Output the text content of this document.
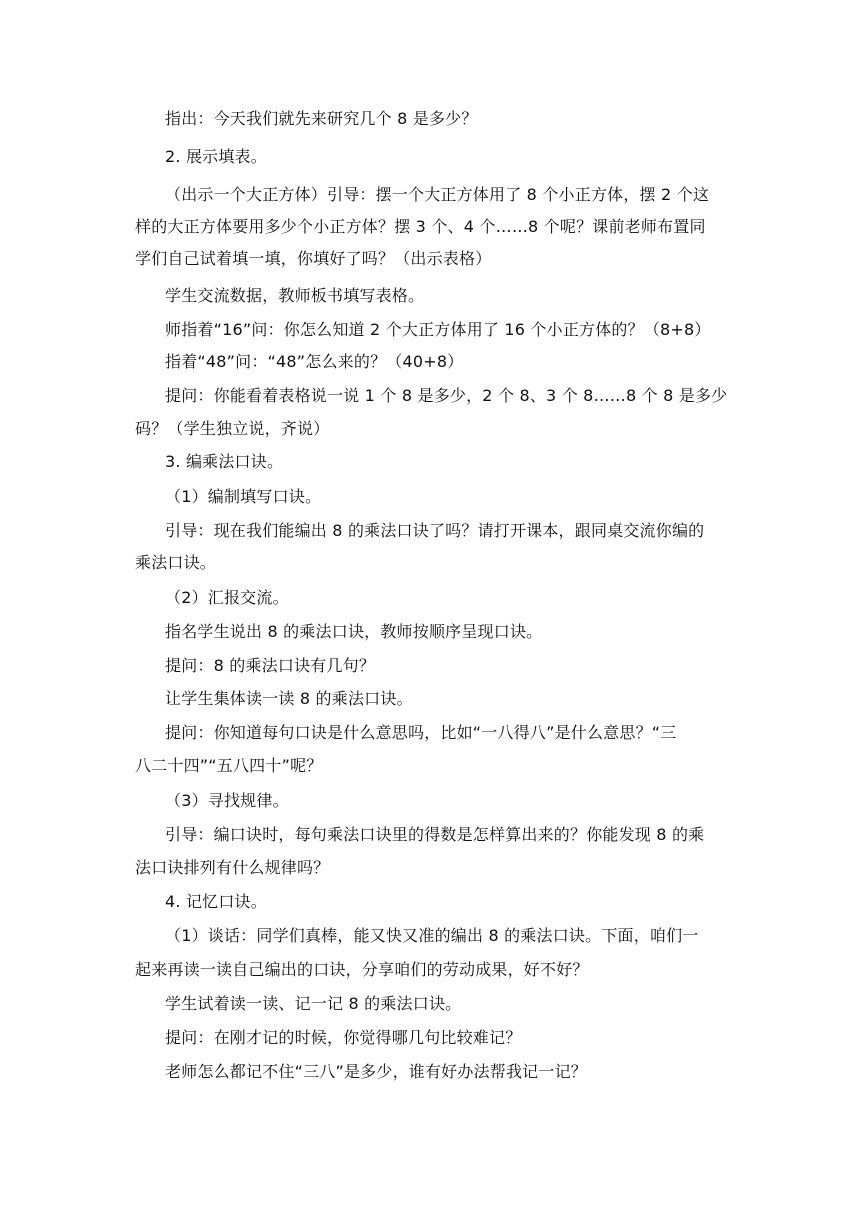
指出：今天我们就先来研究几个 8 是多少？
2. 展示填表。
（出示一个大正方体）引导：摆一个大正方体用了 8 个小正方体，摆 2 个这
样的大正方体要用多少个小正方体？摆 3 个、4 个……8 个呢？课前老师布置同
学们自己试着填一填，你填好了吗？（出示表格）
学生交流数据，教师板书填写表格。
师指着“16”问：你怎么知道 2 个大正方体用了 16 个小正方体的？（8+8）
指着“48”问：“48”怎么来的？（40+8）
提问：你能看着表格说一说 1 个 8 是多少，2 个 8、3 个 8……8 个 8 是多少
码？（学生独立说，齐说）
3. 编乘法口诀。
（1）编制填写口诀。
引导：现在我们能编出 8 的乘法口诀了吗？请打开课本，跟同桌交流你编的
乘法口诀。
（2）汇报交流。
指名学生说出 8 的乘法口诀，教师按顺序呈现口诀。
提问：8 的乘法口诀有几句？
让学生集体读一读 8 的乘法口诀。
提问：你知道每句口诀是什么意思吗，比如“一八得八”是什么意思？“三
八二十四”“五八四十”呢？
（3）寻找规律。
引导：编口诀时，每句乘法口诀里的得数是怎样算出来的？你能发现 8 的乘
法口诀排列有什么规律吗？
4. 记忆口诀。
（1）谈话：同学们真棒，能又快又准的编出 8 的乘法口诀。下面，咱们一
起来再读一读自己编出的口诀，分享咱们的劳动成果，好不好？
学生试着读一读、记一记 8 的乘法口诀。
提问：在刚才记的时候，你觉得哪几句比较难记？
老师怎么都记不住“三八”是多少，谁有好办法帮我记一记？
